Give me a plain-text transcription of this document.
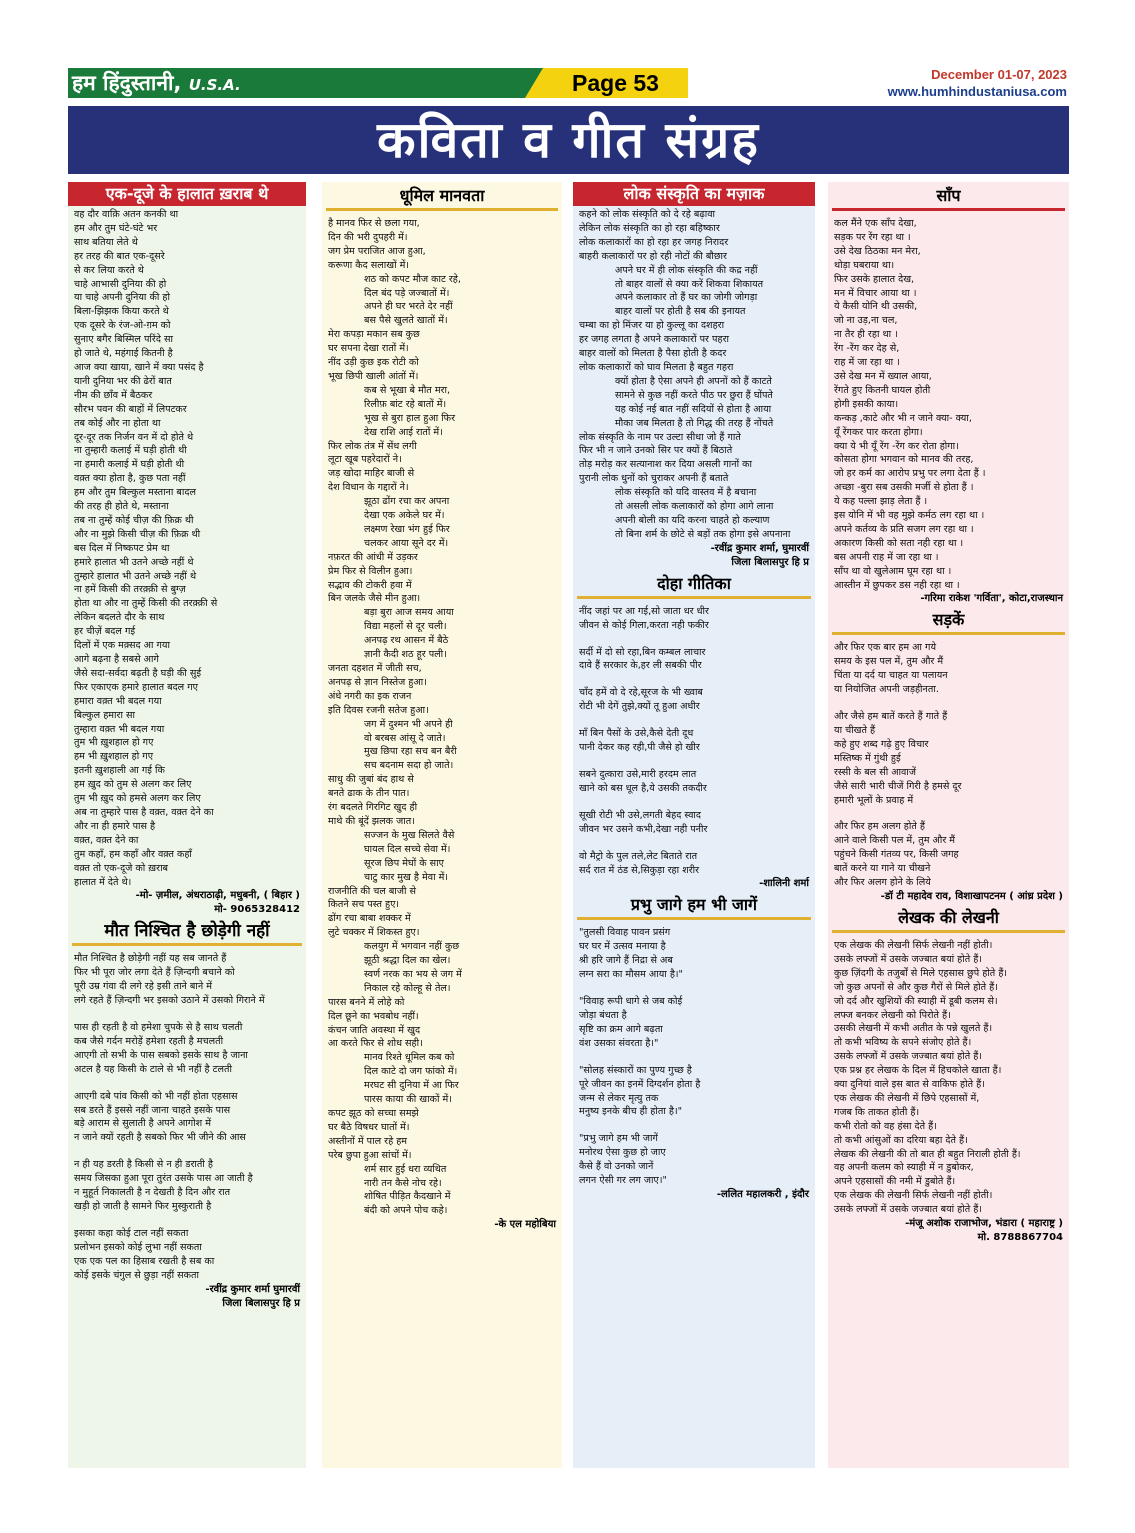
हम हिंदुस्तानी, U.S.A.	Page 53	December 01-07, 2023
www.humhindustaniusa.com
कविता व गीत संग्रह
एक-दूजे के हालात ख़राब थे
वह दौर वाक़ि अतन कनकी था
हम और तुम घंटे-घंटे भर
साथ बतिया लेते थे
हर तरह की बात एक-दूसरे
से कर लिया करते थे
चाहे आभासी दुनिया की हो
या चाहे अपनी दुनिया की हो
बिला-झिझक किया करते थे
एक दूसरे के रंज-ओ-ग़म को
सुनाए बगैर बिस्मिल परिंदे सा
हो जाते थे, महंगाई कितनी है
आज क्या खाया, खाने में क्या पसंद है
यानी दुनिया भर की ढेरों बात
नीम की छाँव में बैठकर
सौरभ पवन की बाहों में लिपटकर
तब कोई और ना होता था
दूर-दूर तक निर्जन वन में दो होते थे
ना तुम्हारी कलाई में घड़ी होती थी
ना हमारी कलाई में घड़ी होती थी
वक़्त क्या होता है, कुछ पता नहीं
हम और तुम बिल्कुल मस्ताना बादल
की तरह ही होते थे, मस्ताना
तब ना तुम्हें कोई चीज़ की फ़िक्र थी
और ना मुझे किसी चीज़ की फ़िक्र थी
बस दिल में निष्कपट प्रेम था
हमारे हालात भी उतने अच्छे नहीं थे
तुम्हारे हालात भी उतने अच्छे नहीं थे
ना हमें किसी की तरक़्क़ी से बुग्ज़
होता था और ना तुम्हें किसी की तरक़्क़ी से
लेकिन बदलते दौर के साथ
हर चीज़ें बदल गई
दिलों में एक मक़्सद आ गया
आगे बढ़ना है सबसे आगे
जैसे सदा-सर्वदा बढ़ती है घड़ी की सुई
फिर एकाएक हमारे हालात बदल गए
हमारा वक़्त भी बदल गया
बिल्कुल हमारा सा
तुम्हारा वक़्त भी बदल गया
तुम भी ख़ुशहाल हो गए
हम भी ख़ुशहाल हो गए
इतनी ख़ुशहाली आ गई कि
हम ख़ुद को तुम से अलग कर लिए
तुम भी ख़ुद को हमसे अलग कर लिए
अब ना तुम्हारे पास है वक़्त, वक़्त देने का
और ना ही हमारे पास है
वक़्त, वक़्त देने का
तुम कहाँ, हम कहाँ और वक़्त कहाँ
वक़्त तो एक-दूजे को ख़राब
हालात में देते थे।
-मो- ज़मील, अंधराठाढ़ी, मधुबनी, ( बिहार )
मो- 9065328412
मौत निश्चित है छोड़ेगी नहीं
मौत निश्चित है छोड़ेगी नहीं यह सब जानते हैं
फिर भी पूरा जोर लगा देते हैं ज़िन्दगी बचाने को
पूरी उम्र गंवा दी लगे रहे इसी ताने बाने में
लगे रहते हैं ज़िन्दगी भर इसको उठाने में उसको गिराने में
पास ही रहती है वो हमेशा चुपके से है साथ चलती
कब जैसे गर्दन मरोड़ें हमेशा रहती है मचलती
आएगी तो सभी के पास सबको इसके साथ है जाना
अटल है यह किसी के टाले से भी नहीं है टलती
आएगी दबे पांव किसी को भी नहीं होता एहसास
सब डरते हैं इससे नहीं जाना चाहते इसके पास
बड़े आराम से सुलाती है अपने आगोश में
न जाने क्यों रहती है सबको फिर भी जीने की आस
न ही यह डरती है किसी से न ही डराती है
समय जिसका हुआ पूरा तुरंत उसके पास आ जाती है
न मुहूर्त निकालती है न देखती है दिन और रात
खड़ी हो जाती है सामने फिर मुस्कुराती है
इसका कहा कोई टाल नहीं सकता
प्रलोभन इसको कोई लुभा नहीं सकता
एक एक पल का हिसाब रखती है सब का
कोई इसके चंगुल से छुड़ा नहीं सकता
-रवींद्र कुमार शर्मा घुमारवीं
जिला बिलासपुर हि प्र
धूमिल मानवता
है मानव फिर से छला गया,
दिन की भरी दुपहरी में।
जग प्रेम पराजित आज हुआ,
करूणा कैद सलाखों में।
शठ को कपट मौज काट रहे,
दिल बंद पड़े जज्बातों में।
अपने ही घर भरते देर नहीं
बस पैसे खुलते खातों में।
मेरा कपड़ा मकान सब कुछ
घर सपना देखा रातों में।
नींद उड़ी कुछ इक रोटी को
भूख छिपी खाली आंतों में।
कब से भूखा बे मौत मरा,
रिलीफ़ बांट रहे बातों में।
भूख से बुरा हाल हुआ फिर
देख राशि आई रातों में।
फिर लोक तंत्र में सेंध लगी
लूटा खूब पहरेदारों ने।
जड़ खोदा माहिर बाजी से
देश विधान के गद्दारों ने।
झूठा ढोंग रचा कर अपना
देखा एक अकेले घर में।
लक्ष्मण रेखा भंग हुई फिर
चलकर आया सूने दर में।
नफ़रत की आंधी में उड़कर
प्रेम फिर से विलीन हुआ।
सद्भाव की टोकरी हवा में
बिन जलके जैसे मीन हुआ।
बड़ा बुरा आज समय आया
विद्या महलों से दूर चली।
अनपढ़ रथ आसन में बैठे
ज्ञानी कैदी शठ हूर पली।
जनता दहशत में जीती सच,
अनपढ़ से ज्ञान निस्तेज हुआ।
अंधे नगरी का इक राजन
इति दिवस रजनी सतेज हुआ।
जग में दुश्मन भी अपने ही
वो बरबस आंसू दे जाते।
मुख छिपा रहा सच बन बैरी
सच बदनाम सदा हो जाते।
साधु की जुबां बंद हाथ से
बनते ढाक के तीन पात।
रंग बदलते गिरगिट खुद ही
माथे की बूंदें झलक जात।
सज्जन के मुख सिलते वैसे
घायल दिल सच्चे सेवा में।
सूरज छिप मेघों के साए
चाटु कार मुख है मेवा में।
राजनीति की चल बाजी से
कितने सच पस्त हुए।
ढोंग रचा बाबा शक्कर में
लुटे चक्कर में शिकस्त हुए।
कलयुग में भगवान नहीं कुछ
झूठी श्रद्धा दिल का खेल।
स्वर्ण नरक का भय से जग में
निकाल रहे कोल्हू से तेल।
पारस बनने में लोहे को
दिल छूने का भवबोध नहीं।
कंचन जाति अवस्था में खुद
आ करते फिर से शोध सही।
मानव रिश्ते धूमिल कब को
दिल काटे दो जग फांको में।
मरघट सी दुनिया में आ फिर
पारस काया की खाकों में।
कपट झूठ को सच्चा समझे
घर बैठे विषधर घातों में।
अस्तीनों में पाल रहे हम
परेब छुपा हुआ सांचों में।
शर्म सार हुई धरा व्यथित
नारी तन कैसे नोच रहे।
शोषित पीड़ित कैदखाने में
बंदी को अपने पोच कहे।
-के एल महोबिया
लोक संस्कृति का मज़ाक
कहने को लोक संस्कृति को दे रहे बढ़ावा
लेकिन लोक संस्कृति का हो रहा बहिष्कार
लोक कलाकारों का हो रहा हर जगह निरादर
बाहरी कलाकारों पर हो रही नोटों की बौछार
अपने घर में ही लोक संस्कृति की कद्र नहीं
तो बाहर वालों से क्या करें शिकवा शिकायत
अपने कलाकार तो हैं घर का जोगी जोगड़ा
बाहर वालों पर होती है सब की इनायत
चम्बा का हो मिंजर या हो कुल्लू का दशहरा
हर जगह लगता है अपने कलाकारों पर पहरा
बाहर वालों को मिलता है पैसा होती है कदर
लोक कलाकारों को घाव मिलता है बहुत गहरा
क्यों होता है ऐसा अपने ही अपनों को हैं काटते
सामने से कुछ नहीं करते पीठ पर छुरा हैं घोंपते
यह कोई नई बात नहीं सदियों से होता है आया
मौका जब मिलता है तो गिद्ध की तरह हैं नोंचते
लोक संस्कृति के नाम पर उल्टा सीधा जो हैं गाते
फिर भी न जाने उनको सिर पर क्यों हैं बिठाते
तोड़ मरोड़ कर सत्यानाश कर दिया असली गानों का
पुरानी लोक धुनों को चुराकर अपनी हैं बताते
लोक संस्कृति को यदि वास्तव में है बचाना
तो असली लोक कलाकारों को होगा आगे लाना
अपनी बोली का यदि करना चाहते हो कल्याण
तो बिना शर्म के छोटे से बड़ों तक होगा इसे अपनाना
-रवींद्र कुमार शर्मा, घुमारवीं
जिला बिलासपुर हि प्र
दोहा गीतिका
नींद जहां पर आ गई,सो जाता धर धीर
जीवन से कोई गिला,करता नही फकीर
सर्दी में दो सो रहा,बिन कम्बल लाचार
दावे हैं सरकार के,हर ली सबकी पीर
चाँद हमें वो दे रहे,सूरज के भी ख्वाब
रोटी भी देगें तुझे,क्यों तू हुआ अधीर
माँ बिन पैसों के उसे,कैसे देती दूध
पानी देकर कह रही,पी जैसे हो खीर
सबने दुत्कारा उसे,मारी हरदम लात
खाने को बस धूल है,ये उसकी तकदीर
सूखी रोटी भी उसे,लगती बेहद स्वाद
जीवन भर उसने कभी,देखा नही पनीर
वो मैट्रो के पुल तले,लेट बिताते रात
सर्द रात में ठंड से,सिकुड़ा रहा शरीर
-शालिनी शर्मा
प्रभु जागे हम भी जागें
"तुलसी विवाह पावन प्रसंग
घर घर में उत्सव मनाया है
श्री हरि जागे हैं निद्रा से अब
लग्न सरा का मौसम आया है।"
"विवाह रूपी धागे से जब कोई
जोड़ा बंधता है
सृष्टि का क्रम आगे बढ़ता
वंश उसका संवरता है।"
"सोलह संस्कारों का पुण्य गुच्छ है
पूरे जीवन का इनमें दिग्दर्शन होता है
जन्म से लेकर मृत्यु तक
मनुष्य इनके बीच ही होता है।"
"प्रभु जागे हम भी जागें
मनोरथ ऐसा कुछ हो जाए
कैसे हैं वो उनको जानें
लगन ऐसी गर लग जाए।"
-ललित महालकरी , इंदौर
साँप
कल मैंने एक साँप देखा,
सड़क पर रेंग रहा था ।
उसे देख ठिठका मन मेरा,
थोड़ा घबराया था।
फिर उसके हालात देख,
मन में विचार आया था ।
ये कैसी योनि थी उसकी,
जो ना उड़,ना चल,
ना तैर ही रहा था ।
रेंग -रेंग कर देह से,
राह में जा रहा था ।
उसे देख मन में ख्याल आया,
रेंगते हुए कितनी घायल होती
होगी इसकी काया।
कन्कड़ ,काटे और भी न जाने क्या- क्या,
यूँ रेंगकर पार करता होगा।
क्या ये भी यूँ रेंग -रेंग कर रोता होगा।
कोसता होगा भगवान को मानव की तरह,
जो हर कर्म का आरोप प्रभु पर लगा देता हैं ।
अच्छा -बुरा सब उसकी मर्जी से होता हैं ।
ये कह पल्ला झाड़ लेता हैं ।
इस योनि में भी वह मुझे कर्मठ लग रहा था ।
अपने कर्तव्य के प्रति सजग लग रहा था ।
अकारण किसी को सता नही रहा था ।
बस अपनी राह में जा रहा था ।
साँप था वो खुलेआम घूम रहा था ।
आस्तीन में छुपकर डस नही रहा था ।
-गरिमा राकेश 'गर्विता', कोटा,राजस्थान
सड़कें
और फिर एक बार हम आ गये
समय के इस पल में, तुम और मैं
चिंता या दर्द या चाहत या पलायन
या नियोजित अपनी जड़हीनता.
और जैसे हम बातें करते हैं गाते हैं
या चीखते हैं
कहे हुए शब्द गढ़े हुए विचार
मस्तिष्क में गुंथी हुई
रस्सी के बल सी आवाजें
जैसे सारी भारी चीजें गिरी है हमसे दूर
हमारी भूलों के प्रवाह में
और फिर हम अलग होते हैं
आने वाले किसी पल में, तुम और मैं
पहुंचने किसी गंतव्य पर, किसी जगह
बातें करने या गाने या चीखने
और फिर अलग होने के लिये
-डॉ टी महादेव राव, विशाखापटनम ( आंध्र प्रदेश )
लेखक की लेखनी
एक लेखक की लेखनी सिर्फ लेखनी नहीं होती।
उसके लफ्जों में उसके जज्बात बयां होते हैं।
कुछ ज़िंदगी के तजुर्बों से मिले एहसास छुपे होते हैं।
जो कुछ अपनों से और कुछ गैरों से मिले होते हैं।
जो दर्द और खुशियों की स्याही में डूबी कलम से।
लफ्ज बनकर लेखनी को पिरोते हैं।
उसकी लेखनी में कभी अतीत के पन्ने खुलते हैं।
तो कभी भविष्य के सपने संजोए होते हैं।
उसके लफ्जों में उसके जज्बात बयां होते हैं।
एक प्रश्न हर लेखक के दिल में हिचकोले खाता हैं।
क्या दुनियां वाले इस बात से वाकिफ होते हैं।
एक लेखक की लेखनी में छिपे एहसासों में,
गजब कि ताकत होती हैं।
कभी रोतो को वह हंसा देते हैं।
तो कभी आंसुओं का दरिया बहा देते हैं।
लेखक की लेखनी की तो बात ही बहुत निराली होती हैं।
वह अपनी कलम को स्याही में न डुबोकर,
अपने एहसासों की नमी में डुबोते हैं।
एक लेखक की लेखनी सिर्फ लेखनी नहीं होती।
उसके लफ्जों में उसके जज्बात बयां होते हैं।
-मंजू अशोक राजाभोज, भंडारा ( महाराष्ट्र )
मो. 8788867704
